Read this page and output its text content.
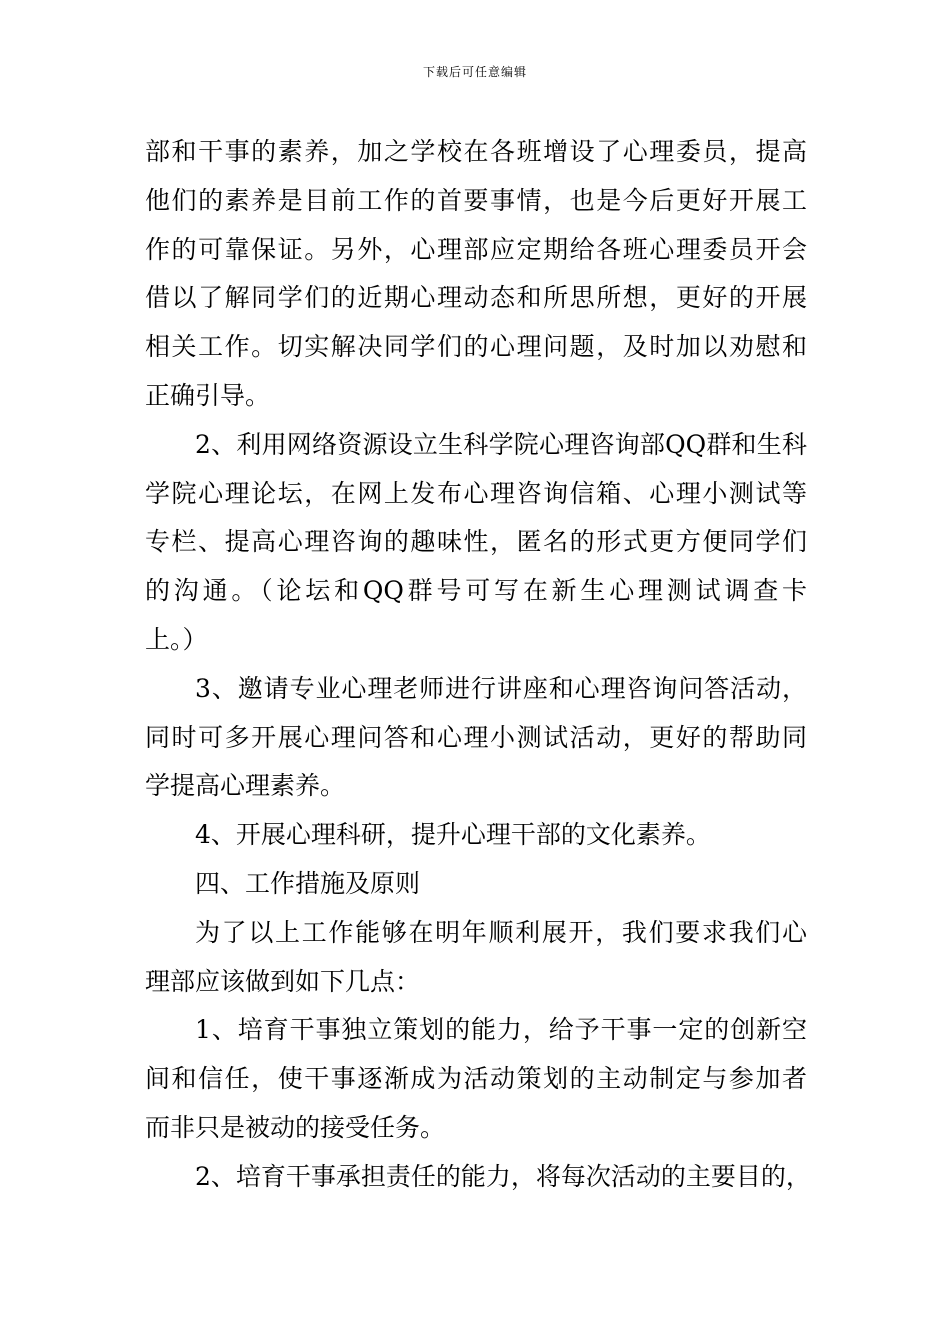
下载后可任意编辑
部和干事的素养，加之学校在各班增设了心理委员，提高
他们的素养是目前工作的首要事情，也是今后更好开展工
作的可靠保证。另外，心理部应定期给各班心理委员开会
借以了解同学们的近期心理动态和所思所想，更好的开展
相关工作。切实解决同学们的心理问题，及时加以劝慰和
正确引导。
2、利用网络资源设立生科学院心理咨询部QQ群和生科
学院心理论坛，在网上发布心理咨询信箱、心理小测试等
专栏、提高心理咨询的趣味性，匿名的形式更方便同学们
的沟通。（论坛和QQ群号可写在新生心理测试调查卡
上。）
3、邀请专业心理老师进行讲座和心理咨询问答活动，
同时可多开展心理问答和心理小测试活动，更好的帮助同
学提高心理素养。
4、开展心理科研，提升心理干部的文化素养。
四、工作措施及原则
为了以上工作能够在明年顺利展开，我们要求我们心
理部应该做到如下几点：
1、培育干事独立策划的能力，给予干事一定的创新空
间和信任，使干事逐渐成为活动策划的主动制定与参加者
而非只是被动的接受任务。
2、培育干事承担责任的能力，将每次活动的主要目的，
